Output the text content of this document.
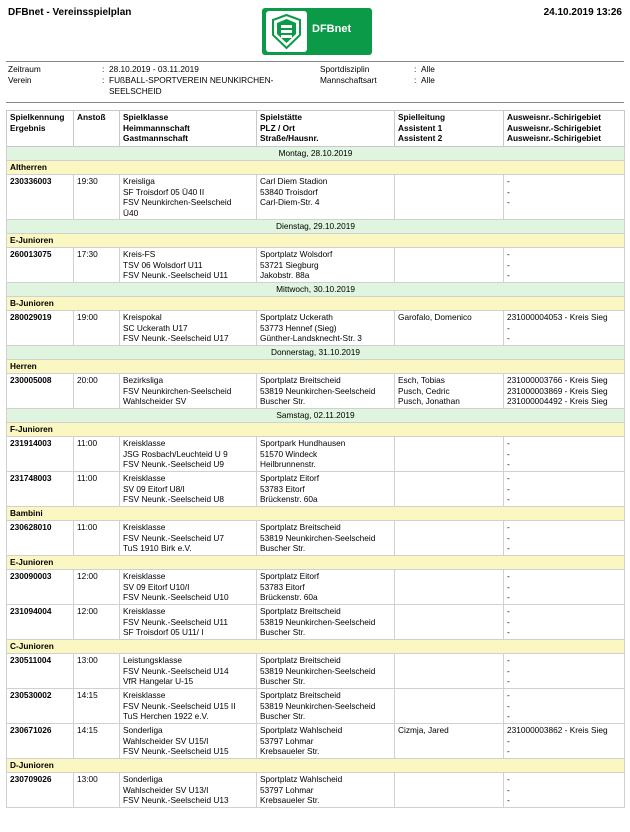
DFBnet - Vereinsspielplan
DFBnet
24.10.2019 13:26
Zeitraum	: 28.10.2019 - 03.11.2019	Sportdisziplin	: Alle
Verein	: FUßBALL-SPORTVEREIN NEUNKIRCHEN-SEELSCHEID
Mannschaftsart	: Alle
Spielkennung
Ergebnis	Anstoß	Spielklasse
Heimmannschaft
Gastmannschaft	Spielstätte
PLZ / Ort
Straße/Hausnr.	Spielleitung
Assistent 1
Assistent 2	Ausweisnr.-Schirigebiet
Ausweisnr.-Schirigebiet
Ausweisnr.-Schirigebiet

Montag, 28.10.2019					
Altherren					
230336003	19:30	Kreisliga
SF Troisdorf 05 Ü40 II
FSV Neunkirchen-Seelscheid
Ü40	Carl Diem Stadion
53840 Troisdorf
Carl-Diem-Str. 4		-
-
-

Dienstag, 29.10.2019					
E-Junioren					
260013075	17:30	Kreis-FS
TSV 06 Wolsdorf U11
FSV Neunk.-Seelscheid U11	Sportplatz Wolsdorf
53721 Siegburg
Jakobstr. 88a		-
-
-

Mittwoch, 30.10.2019					
B-Junioren					
280029019	19:00	Kreispokal
SC Uckerath U17
FSV Neunk.-Seelscheid U17	Sportplatz Uckerath
53773 Hennef (Sieg)
Günther-Landsknecht-Str. 3	Garofalo, Domenico	231000004053 - Kreis Sieg
-
-

Donnerstag, 31.10.2019					
Herren					
230005008	20:00	Bezirksliga
FSV Neunkirchen-Seelscheid
Wahlscheider SV	Sportplatz Breitscheid
53819 Neunkirchen-Seelscheid
Buscher Str.	Esch, Tobias
Pusch, Cedric
Pusch, Jonathan	231000003766 - Kreis Sieg
231000003869 - Kreis Sieg
231000004492 - Kreis Sieg

Samstag, 02.11.2019					
F-Junioren					
231914003	11:00	Kreisklasse
JSG Rosbach/Leuchteid U 9
FSV Neunk.-Seelscheid U9	Sportpark Hundhausen
51570 Windeck
Heilbrunnenstr.		-
-
-

231748003	11:00	Kreisklasse
SV 09 Eitorf U8/I
FSV Neunk.-Seelscheid U8	Sportplatz Eitorf
53783 Eitorf
Brückenstr. 60a		-
-
-

Bambini					
230628010	11:00	Kreisklasse
FSV Neunk.-Seelscheid U7
TuS 1910 Birk e.V.	Sportplatz Breitscheid
53819 Neunkirchen-Seelscheid
Buscher Str.		-
-
-

E-Junioren					
230090003	12:00	Kreisklasse
SV 09 Eitorf U10/I
FSV Neunk.-Seelscheid U10	Sportplatz Eitorf
53783 Eitorf
Brückenstr. 60a		-
-
-

231094004	12:00	Kreisklasse
FSV Neunk.-Seelscheid U11
SF Troisdorf 05 U11/ I	Sportplatz Breitscheid
53819 Neunkirchen-Seelscheid
Buscher Str.		-
-
-

C-Junioren					
230511004	13:00	Leistungsklasse
FSV Neunk.-Seelscheid U14
VfR Hangelar U-15	Sportplatz Breitscheid
53819 Neunkirchen-Seelscheid
Buscher Str.		-
-
-

230530002	14:15	Kreisklasse
FSV Neunk.-Seelscheid U15 II
TuS Herchen 1922 e.V.	Sportplatz Breitscheid
53819 Neunkirchen-Seelscheid
Buscher Str.		-
-
-

230671026	14:15	Sonderliga
Wahlscheider SV U15/I
FSV Neunk.-Seelscheid U15	Sportplatz Wahlscheid
53797 Lohmar
Krebsaueler Str.	Cizmja, Jared	231000003862 - Kreis Sieg
-
-

D-Junioren					
230709026	13:00	Sonderliga
Wahlscheider SV U13/I
FSV Neunk.-Seelscheid U13	Sportplatz Wahlscheid
53797 Lohmar
Krebsaueler Str.		-
-
-
